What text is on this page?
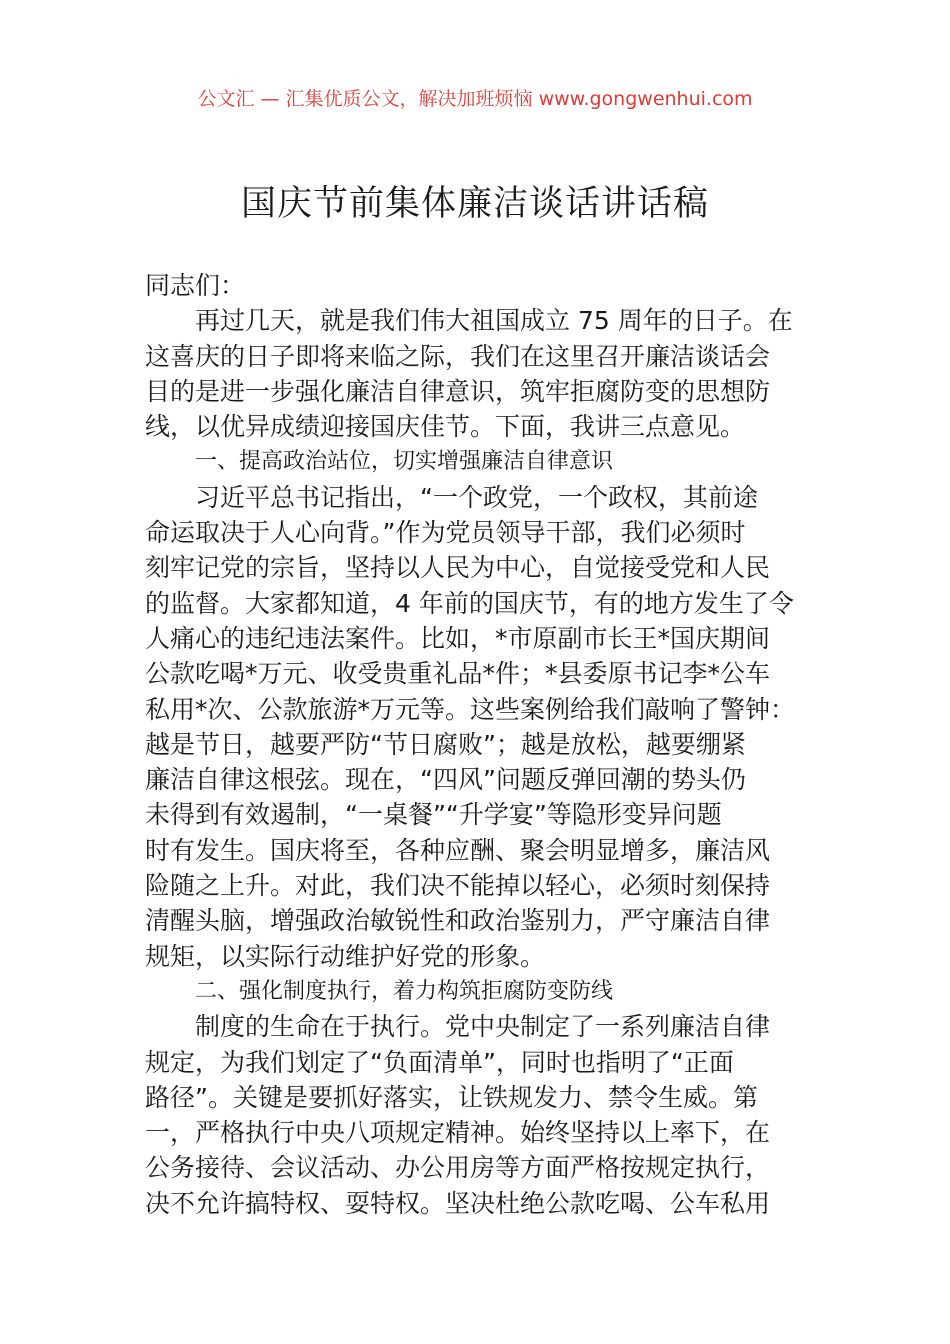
公文汇 — 汇集优质公文，解决加班烦恼 www.gongwenhui.com
国庆节前集体廉洁谈话讲话稿
同志们：
再过几天，就是我们伟大祖国成立 75 周年的日子。在
这喜庆的日子即将来临之际，我们在这里召开廉洁谈话会
目的是进一步强化廉洁自律意识，筑牢拒腐防变的思想防
线，以优异成绩迎接国庆佳节。下面，我讲三点意见。
一、提高政治站位，切实增强廉洁自律意识
习近平总书记指出，“一个政党，一个政权，其前途
命运取决于人心向背。”作为党员领导干部，我们必须时
刻牢记党的宗旨，坚持以人民为中心，自觉接受党和人民
的监督。大家都知道，4 年前的国庆节，有的地方发生了令
人痛心的违纪违法案件。比如，*市原副市长王*国庆期间
公款吃喝*万元、收受贵重礼品*件；*县委原书记李*公车
私用*次、公款旅游*万元等。这些案例给我们敲响了警钟：
越是节日，越要严防“节日腐败”；越是放松，越要绷紧
廉洁自律这根弦。现在，“四风”问题反弹回潮的势头仍
未得到有效遏制，“一桌餐”“升学宴”等隐形变异问题
时有发生。国庆将至，各种应酬、聚会明显增多，廉洁风
险随之上升。对此，我们决不能掉以轻心，必须时刻保持
清醒头脑，增强政治敏锐性和政治鉴别力，严守廉洁自律
规矩，以实际行动维护好党的形象。
二、强化制度执行，着力构筑拒腐防变防线
制度的生命在于执行。党中央制定了一系列廉洁自律
规定，为我们划定了“负面清单”，同时也指明了“正面
路径”。关键是要抓好落实，让铁规发力、禁令生威。第
一，严格执行中央八项规定精神。始终坚持以上率下，在
公务接待、会议活动、办公用房等方面严格按规定执行，
决不允许搞特权、耍特权。坚决杜绝公款吃喝、公车私用
